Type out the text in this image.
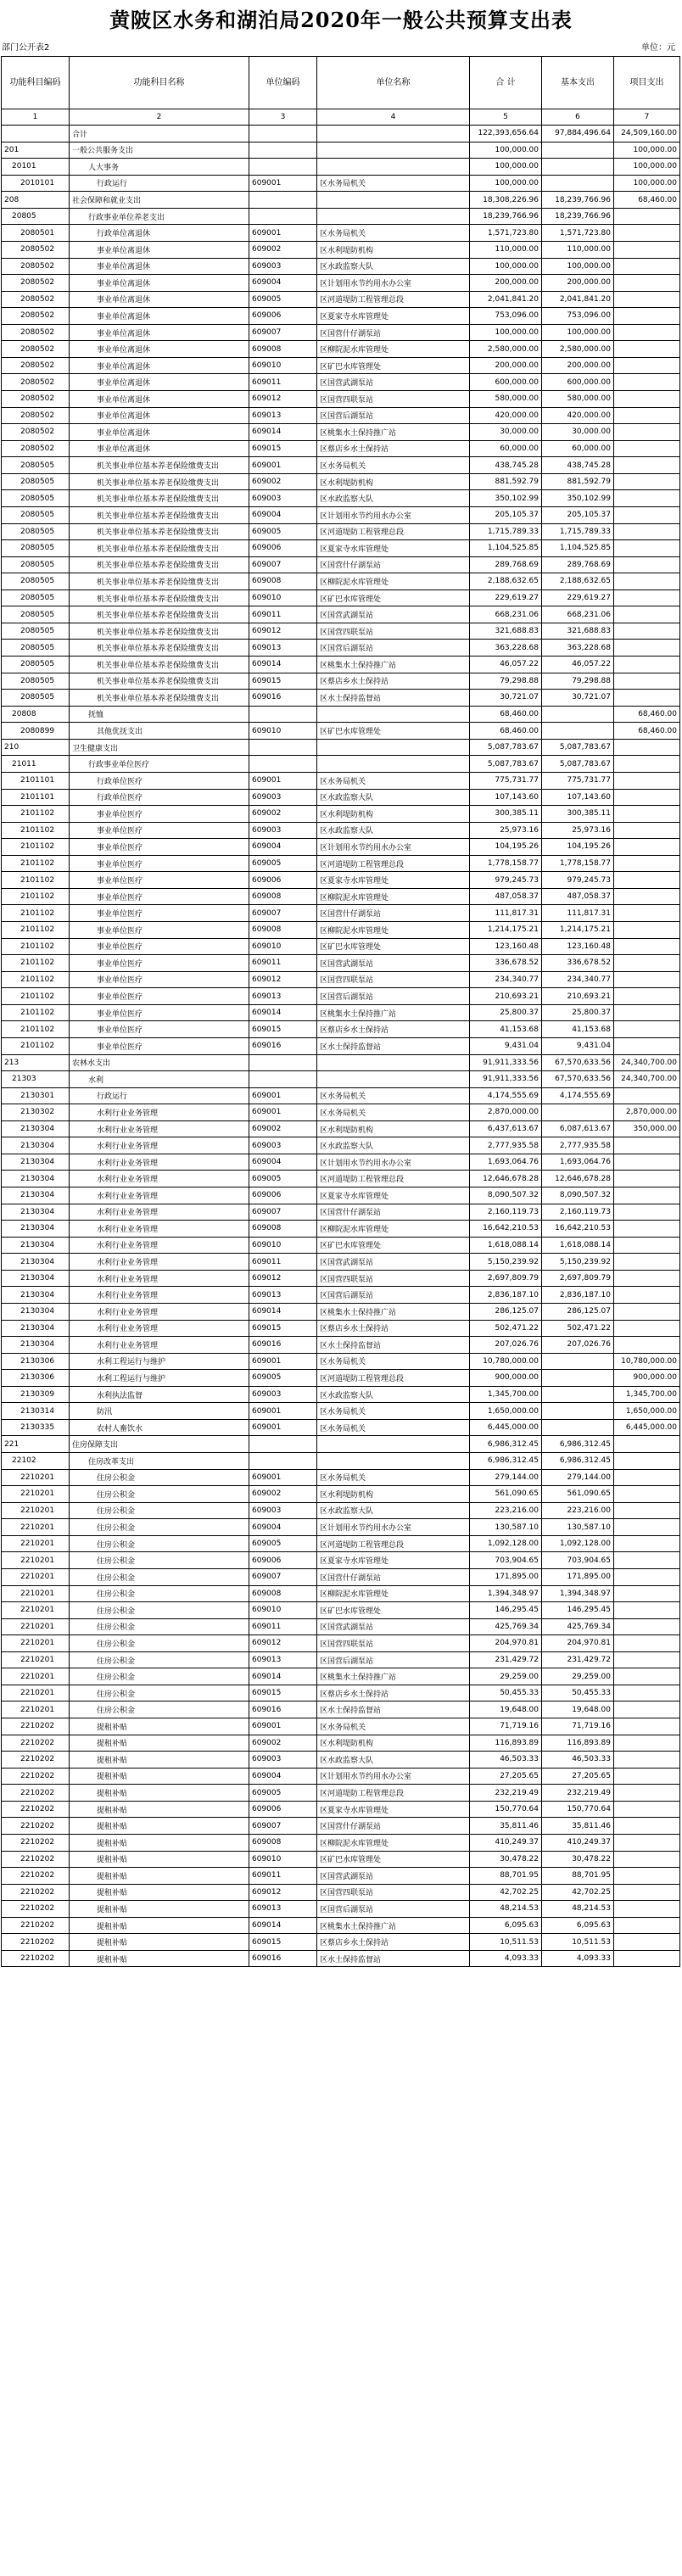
黄陂区水务和湖泊局2020年一般公共预算支出表
部门公开表2	单位：元
功能科目编码	功能科目名称	单位编码	单位名称	合 计	基本支出	项目支出
1	2	3	4	5	6	7
	合计			122,393,656.64	97,884,496.64	24,509,160.00
201	一般公共服务支出			100,000.00		100,000.00
20101	人大事务			100,000.00		100,000.00
2010101	行政运行	609001	区水务局机关	100,000.00		100,000.00
208	社会保障和就业支出			18,308,226.96	18,239,766.96	68,460.00
20805	行政事业单位养老支出			18,239,766.96	18,239,766.96	
2080501	行政单位离退休	609001	区水务局机关	1,571,723.80	1,571,723.80	
2080502	事业单位离退休	609002	区水利堤防机构	110,000.00	110,000.00	
2080502	事业单位离退休	609003	区水政监察大队	100,000.00	100,000.00	
2080502	事业单位离退休	609004	区计划用水节约用水办公室	200,000.00	200,000.00	
2080502	事业单位离退休	609005	区河道堤防工程管理总段	2,041,841.20	2,041,841.20	
2080502	事业单位离退休	609006	区夏家寺水库管理处	753,096.00	753,096.00	
2080502	事业单位离退休	609007	区国营什仔湖泵站	100,000.00	100,000.00	
2080502	事业单位离退休	609008	区柳院泥水库管理处	2,580,000.00	2,580,000.00	
2080502	事业单位离退休	609010	区矿巴水库管理处	200,000.00	200,000.00	
2080502	事业单位离退休	609011	区国营武湖泵站	600,000.00	600,000.00	
2080502	事业单位离退休	609012	区国营四联泵站	580,000.00	580,000.00	
2080502	事业单位离退休	609013	区国营后湖泵站	420,000.00	420,000.00	
2080502	事业单位离退休	609014	区桃集水土保持推广站	30,000.00	30,000.00	
2080502	事业单位离退休	609015	区蔡店乡水土保持站	60,000.00	60,000.00	
2080505	机关事业单位基本养老保险缴费支出	609001	区水务局机关	438,745.28	438,745.28	
2080505	机关事业单位基本养老保险缴费支出	609002	区水利堤防机构	881,592.79	881,592.79	
2080505	机关事业单位基本养老保险缴费支出	609003	区水政监察大队	350,102.99	350,102.99	
2080505	机关事业单位基本养老保险缴费支出	609004	区计划用水节约用水办公室	205,105.37	205,105.37	
2080505	机关事业单位基本养老保险缴费支出	609005	区河道堤防工程管理总段	1,715,789.33	1,715,789.33	
2080505	机关事业单位基本养老保险缴费支出	609006	区夏家寺水库管理处	1,104,525.85	1,104,525.85	
2080505	机关事业单位基本养老保险缴费支出	609007	区国营什仔湖泵站	289,768.69	289,768.69	
2080505	机关事业单位基本养老保险缴费支出	609008	区柳院泥水库管理处	2,188,632.65	2,188,632.65	
2080505	机关事业单位基本养老保险缴费支出	609010	区矿巴水库管理处	229,619.27	229,619.27	
2080505	机关事业单位基本养老保险缴费支出	609011	区国营武湖泵站	668,231.06	668,231.06	
2080505	机关事业单位基本养老保险缴费支出	609012	区国营四联泵站	321,688.83	321,688.83	
2080505	机关事业单位基本养老保险缴费支出	609013	区国营后湖泵站	363,228.68	363,228.68	
2080505	机关事业单位基本养老保险缴费支出	609014	区桃集水土保持推广站	46,057.22	46,057.22	
2080505	机关事业单位基本养老保险缴费支出	609015	区蔡店乡水土保持站	79,298.88	79,298.88	
2080505	机关事业单位基本养老保险缴费支出	609016	区水土保持监督站	30,721.07	30,721.07	
20808	抚恤			68,460.00		68,460.00
2080899	其他优抚支出	609010	区矿巴水库管理处	68,460.00		68,460.00
210	卫生健康支出			5,087,783.67	5,087,783.67	
21011	行政事业单位医疗			5,087,783.67	5,087,783.67	
2101101	行政单位医疗	609001	区水务局机关	775,731.77	775,731.77	
2101101	行政单位医疗	609003	区水政监察大队	107,143.60	107,143.60	
2101102	事业单位医疗	609002	区水利堤防机构	300,385.11	300,385.11	
2101102	事业单位医疗	609003	区水政监察大队	25,973.16	25,973.16	
2101102	事业单位医疗	609004	区计划用水节约用水办公室	104,195.26	104,195.26	
2101102	事业单位医疗	609005	区河道堤防工程管理总段	1,778,158.77	1,778,158.77	
2101102	事业单位医疗	609006	区夏家寺水库管理处	979,245.73	979,245.73	
2101102	事业单位医疗	609008	区柳院泥水库管理处	487,058.37	487,058.37	
2101102	事业单位医疗	609007	区国营什仔湖泵站	111,817.31	111,817.31	
2101102	事业单位医疗	609008	区柳院泥水库管理处	1,214,175.21	1,214,175.21	
2101102	事业单位医疗	609010	区矿巴水库管理处	123,160.48	123,160.48	
2101102	事业单位医疗	609011	区国营武湖泵站	336,678.52	336,678.52	
2101102	事业单位医疗	609012	区国营四联泵站	234,340.77	234,340.77	
2101102	事业单位医疗	609013	区国营后湖泵站	210,693.21	210,693.21	
2101102	事业单位医疗	609014	区桃集水土保持推广站	25,800.37	25,800.37	
2101102	事业单位医疗	609015	区蔡店乡水土保持站	41,153.68	41,153.68	
2101102	事业单位医疗	609016	区水土保持监督站	9,431.04	9,431.04	
213	农林水支出			91,911,333.56	67,570,633.56	24,340,700.00
21303	水利			91,911,333.56	67,570,633.56	24,340,700.00
2130301	行政运行	609001	区水务局机关	4,174,555.69	4,174,555.69	
2130302	水利行业业务管理	609001	区水务局机关	2,870,000.00		2,870,000.00
2130304	水利行业业务管理	609002	区水利堤防机构	6,437,613.67	6,087,613.67	350,000.00
2130304	水利行业业务管理	609003	区水政监察大队	2,777,935.58	2,777,935.58	
2130304	水利行业业务管理	609004	区计划用水节约用水办公室	1,693,064.76	1,693,064.76	
2130304	水利行业业务管理	609005	区河道堤防工程管理总段	12,646,678.28	12,646,678.28	
2130304	水利行业业务管理	609006	区夏家寺水库管理处	8,090,507.32	8,090,507.32	
2130304	水利行业业务管理	609007	区国营什仔湖泵站	2,160,119.73	2,160,119.73	
2130304	水利行业业务管理	609008	区柳院泥水库管理处	16,642,210.53	16,642,210.53	
2130304	水利行业业务管理	609010	区矿巴水库管理处	1,618,088.14	1,618,088.14	
2130304	水利行业业务管理	609011	区国营武湖泵站	5,150,239.92	5,150,239.92	
2130304	水利行业业务管理	609012	区国营四联泵站	2,697,809.79	2,697,809.79	
2130304	水利行业业务管理	609013	区国营后湖泵站	2,836,187.10	2,836,187.10	
2130304	水利行业业务管理	609014	区桃集水土保持推广站	286,125.07	286,125.07	
2130304	水利行业业务管理	609015	区蔡店乡水土保持站	502,471.22	502,471.22	
2130304	水利行业业务管理	609016	区水土保持监督站	207,026.76	207,026.76	
2130306	水利工程运行与维护	609001	区水务局机关	10,780,000.00		10,780,000.00
2130306	水利工程运行与维护	609005	区河道堤防工程管理总段	900,000.00		900,000.00
2130309	水利执法监督	609003	区水政监察大队	1,345,700.00		1,345,700.00
2130314	防汛	609001	区水务局机关	1,650,000.00		1,650,000.00
2130335	农村人畜饮水	609001	区水务局机关	6,445,000.00		6,445,000.00
221	住房保障支出			6,986,312.45	6,986,312.45	
22102	住房改革支出			6,986,312.45	6,986,312.45	
2210201	住房公积金	609001	区水务局机关	279,144.00	279,144.00	
2210201	住房公积金	609002	区水利堤防机构	561,090.65	561,090.65	
2210201	住房公积金	609003	区水政监察大队	223,216.00	223,216.00	
2210201	住房公积金	609004	区计划用水节约用水办公室	130,587.10	130,587.10	
2210201	住房公积金	609005	区河道堤防工程管理总段	1,092,128.00	1,092,128.00	
2210201	住房公积金	609006	区夏家寺水库管理处	703,904.65	703,904.65	
2210201	住房公积金	609007	区国营什仔湖泵站	171,895.00	171,895.00	
2210201	住房公积金	609008	区柳院泥水库管理处	1,394,348.97	1,394,348.97	
2210201	住房公积金	609010	区矿巴水库管理处	146,295.45	146,295.45	
2210201	住房公积金	609011	区国营武湖泵站	425,769.34	425,769.34	
2210201	住房公积金	609012	区国营四联泵站	204,970.81	204,970.81	
2210201	住房公积金	609013	区国营后湖泵站	231,429.72	231,429.72	
2210201	住房公积金	609014	区桃集水土保持推广站	29,259.00	29,259.00	
2210201	住房公积金	609015	区蔡店乡水土保持站	50,455.33	50,455.33	
2210201	住房公积金	609016	区水土保持监督站	19,648.00	19,648.00	
2210202	提租补贴	609001	区水务局机关	71,719.16	71,719.16	
2210202	提租补贴	609002	区水利堤防机构	116,893.89	116,893.89	
2210202	提租补贴	609003	区水政监察大队	46,503.33	46,503.33	
2210202	提租补贴	609004	区计划用水节约用水办公室	27,205.65	27,205.65	
2210202	提租补贴	609005	区河道堤防工程管理总段	232,219.49	232,219.49	
2210202	提租补贴	609006	区夏家寺水库管理处	150,770.64	150,770.64	
2210202	提租补贴	609007	区国营什仔湖泵站	35,811.46	35,811.46	
2210202	提租补贴	609008	区柳院泥水库管理处	410,249.37	410,249.37	
2210202	提租补贴	609010	区矿巴水库管理处	30,478.22	30,478.22	
2210202	提租补贴	609011	区国营武湖泵站	88,701.95	88,701.95	
2210202	提租补贴	609012	区国营四联泵站	42,702.25	42,702.25	
2210202	提租补贴	609013	区国营后湖泵站	48,214.53	48,214.53	
2210202	提租补贴	609014	区桃集水土保持推广站	6,095.63	6,095.63	
2210202	提租补贴	609015	区蔡店乡水土保持站	10,511.53	10,511.53	
2210202	提租补贴	609016	区水土保持监督站	4,093.33	4,093.33	
